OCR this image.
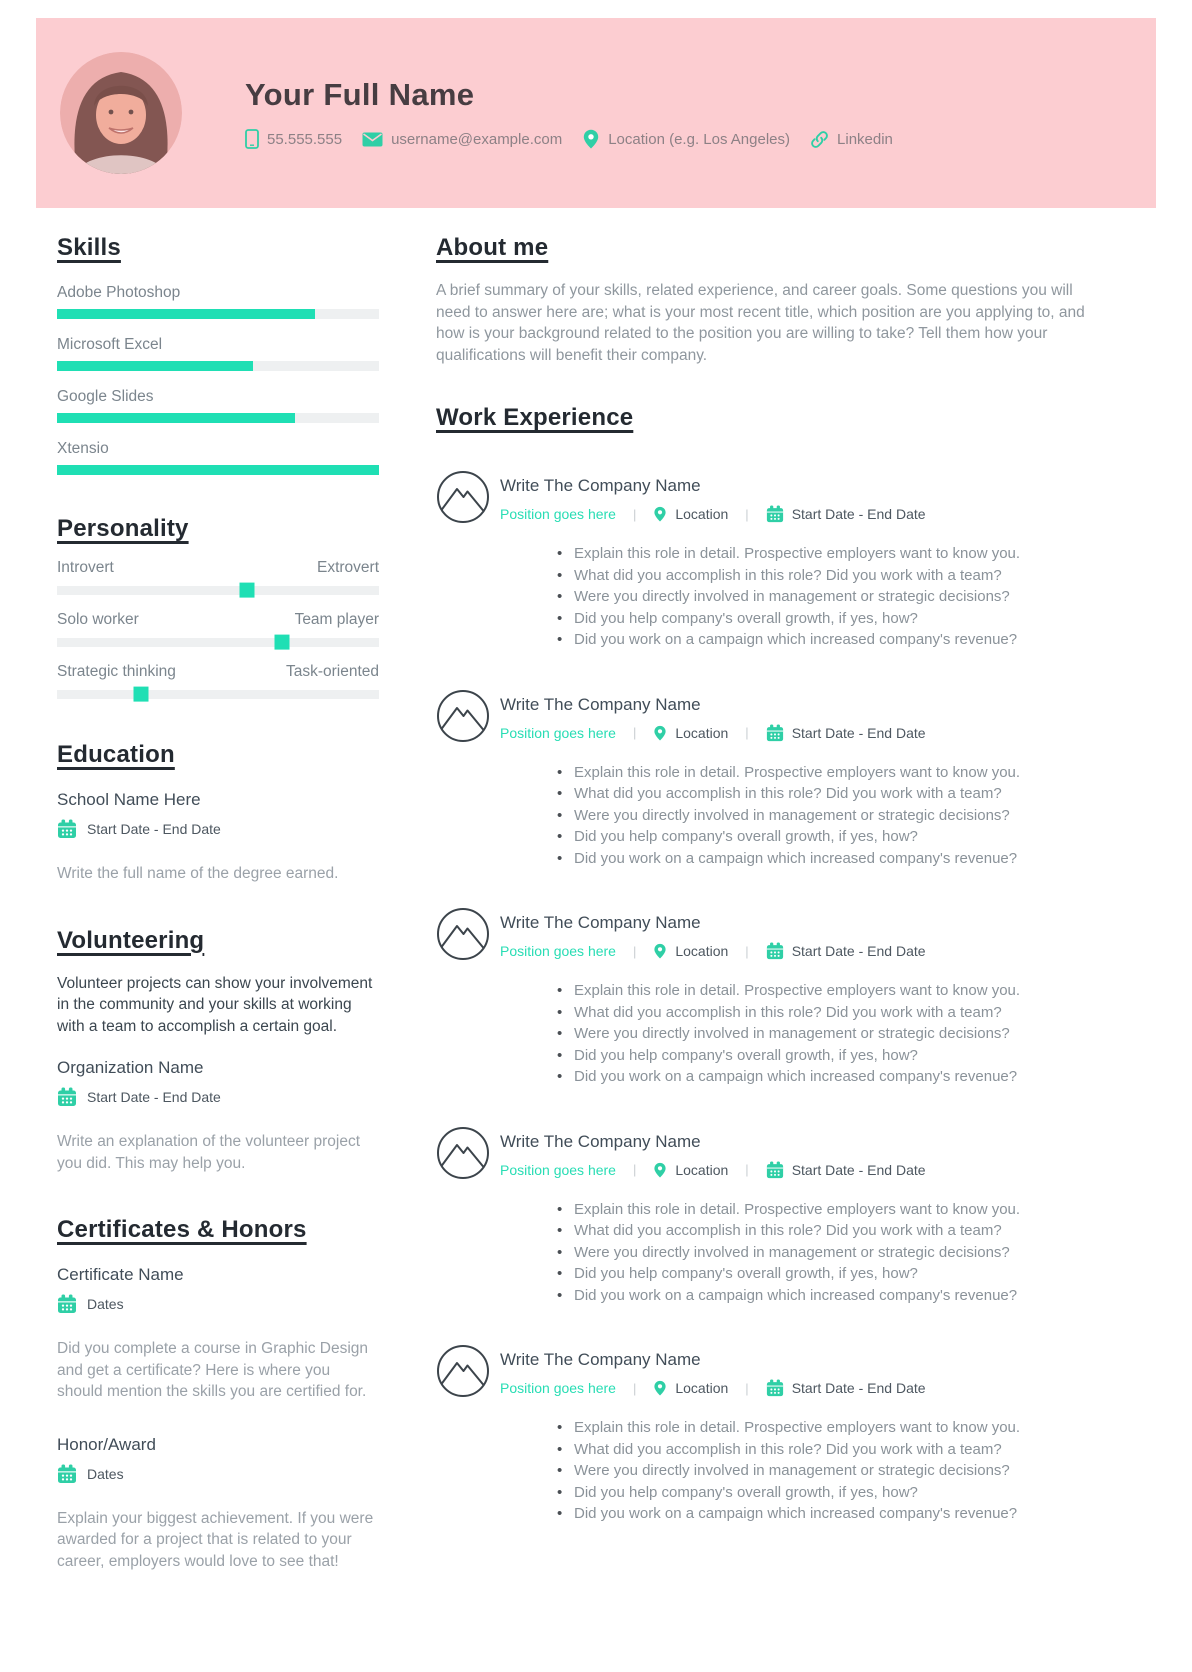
Your Full Name
55.555.555	username@example.com	Location (e.g. Los Angeles)	Linkedin
Skills
Adobe Photoshop
Microsoft Excel
Google Slides
Xtensio
Personality
Introvert	Extrovert
Solo worker	Team player
Strategic thinking	Task-oriented
Education
School Name Here
Start Date - End Date

Write the full name of the degree earned.

Volunteering

Volunteer projects can show your involvement in the community and your skills at working with a team to accomplish a certain goal.

Organization Name
Start Date - End Date

Write an explanation of the volunteer project you did. This may help you.

Certificates & Honors
Certificate Name
Dates

Did you complete a course in Graphic Design and get a certificate? Here is where you should mention the skills you are certified for.

Honor/Award
Dates

Explain your biggest achievement. If you were awarded for a project that is related to your career, employers would love to see that!

About me

A brief summary of your skills, related experience, and career goals. Some questions you will need to answer here are; what is your most recent title, which position are you applying to, and how is your background related to the position you are willing to take? Tell them how your qualifications will benefit their company.

Work Experience
Write The Company Name
Position goes here |	Location |	Start Date - End Date
• Explain this role in detail. Prospective employers want to know you.
• What did you accomplish in this role? Did you work with a team?
• Were you directly involved in management or strategic decisions?
• Did you help company's overall growth, if yes, how?
• Did you work on a campaign which increased company's revenue?
Write The Company Name
Position goes here |	Location |	Start Date - End Date
• Explain this role in detail. Prospective employers want to know you.
• What did you accomplish in this role? Did you work with a team?
• Were you directly involved in management or strategic decisions?
• Did you help company's overall growth, if yes, how?
• Did you work on a campaign which increased company's revenue?
Write The Company Name
Position goes here |	Location |	Start Date - End Date
• Explain this role in detail. Prospective employers want to know you.
• What did you accomplish in this role? Did you work with a team?
• Were you directly involved in management or strategic decisions?
• Did you help company's overall growth, if yes, how?
• Did you work on a campaign which increased company's revenue?
Write The Company Name
Position goes here |	Location |	Start Date - End Date
• Explain this role in detail. Prospective employers want to know you.
• What did you accomplish in this role? Did you work with a team?
• Were you directly involved in management or strategic decisions?
• Did you help company's overall growth, if yes, how?
• Did you work on a campaign which increased company's revenue?
Write The Company Name
Position goes here |	Location |	Start Date - End Date
• Explain this role in detail. Prospective employers want to know you.
• What did you accomplish in this role? Did you work with a team?
• Were you directly involved in management or strategic decisions?
• Did you help company's overall growth, if yes, how?
• Did you work on a campaign which increased company's revenue?
